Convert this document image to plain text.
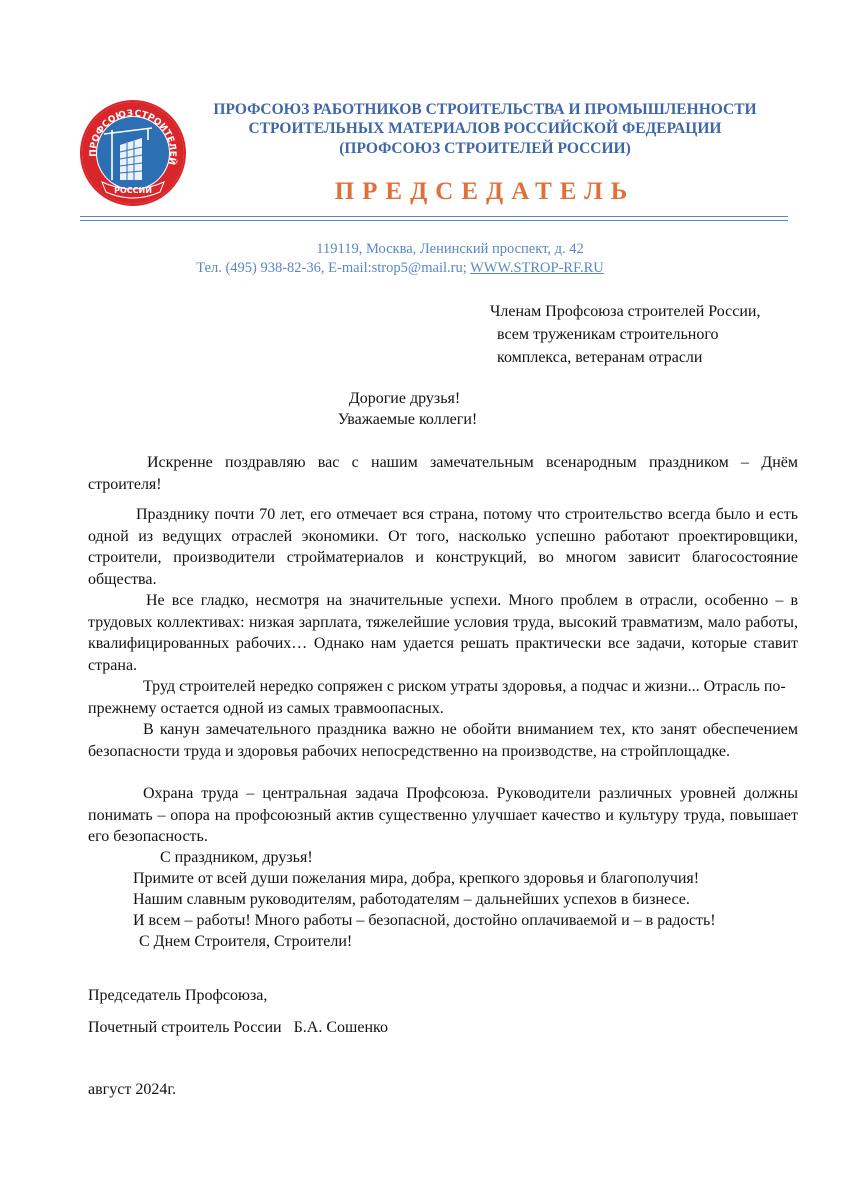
ПРОФСОЮЗ СТРОИТЕЛЕЙ
РОССИИ
ПРОФСОЮЗ РАБОТНИКОВ СТРОИТЕЛЬСТВА И ПРОМЫШЛЕННОСТИ
СТРОИТЕЛЬНЫХ МАТЕРИАЛОВ РОССИЙСКОЙ ФЕДЕРАЦИИ
(ПРОФСОЮЗ СТРОИТЕЛЕЙ РОССИИ)
ПРЕДСЕДАТЕЛЬ
119119, Москва, Ленинский проспект, д. 42
Тел. (495) 938-82-36, E-mail:strop5@mail.ru; WWW.STROP-RF.RU
Членам Профсоюза строителей России,
всем труженикам строительного
комплекса, ветеранам отрасли
Дорогие друзья!
Уважаемые коллеги!

Искренне поздравляю вас с нашим замечательным всенародным праздником – Днём строителя!

Празднику почти 70 лет, его отмечает вся страна, потому что строительство всегда было и есть одной из ведущих отраслей экономики. От того, насколько успешно работают проектировщики, строители, производители стройматериалов и конструкций, во многом зависит благосостояние общества.

Не все гладко, несмотря на значительные успехи. Много проблем в отрасли, особенно – в трудовых коллективах: низкая зарплата, тяжелейшие условия труда, высокий травматизм, мало работы, квалифицированных рабочих… Однако нам удается решать практически все задачи, которые ставит страна.

Труд строителей нередко сопряжен с риском утраты здоровья, а подчас и жизни... Отрасль по-прежнему остается одной из самых травмоопасных.

В канун замечательного праздника важно не обойти вниманием тех, кто занят обеспечением безопасности труда и здоровья рабочих непосредственно на производстве, на стройплощадке.

Охрана труда – центральная задача Профсоюза. Руководители различных уровней должны понимать – опора на профсоюзный актив существенно улучшает качество и культуру труда, повышает его безопасность.

С праздником, друзья!
Примите от всей души пожелания мира, добра, крепкого здоровья и благополучия!
Нашим славным руководителям, работодателям – дальнейших успехов в бизнесе.
И всем – работы! Много работы – безопасной, достойно оплачиваемой и – в радость!
С Днем Строителя, Строители!
Председатель Профсоюза,
Почетный строитель России   Б.А. Сошенко
август 2024г.
